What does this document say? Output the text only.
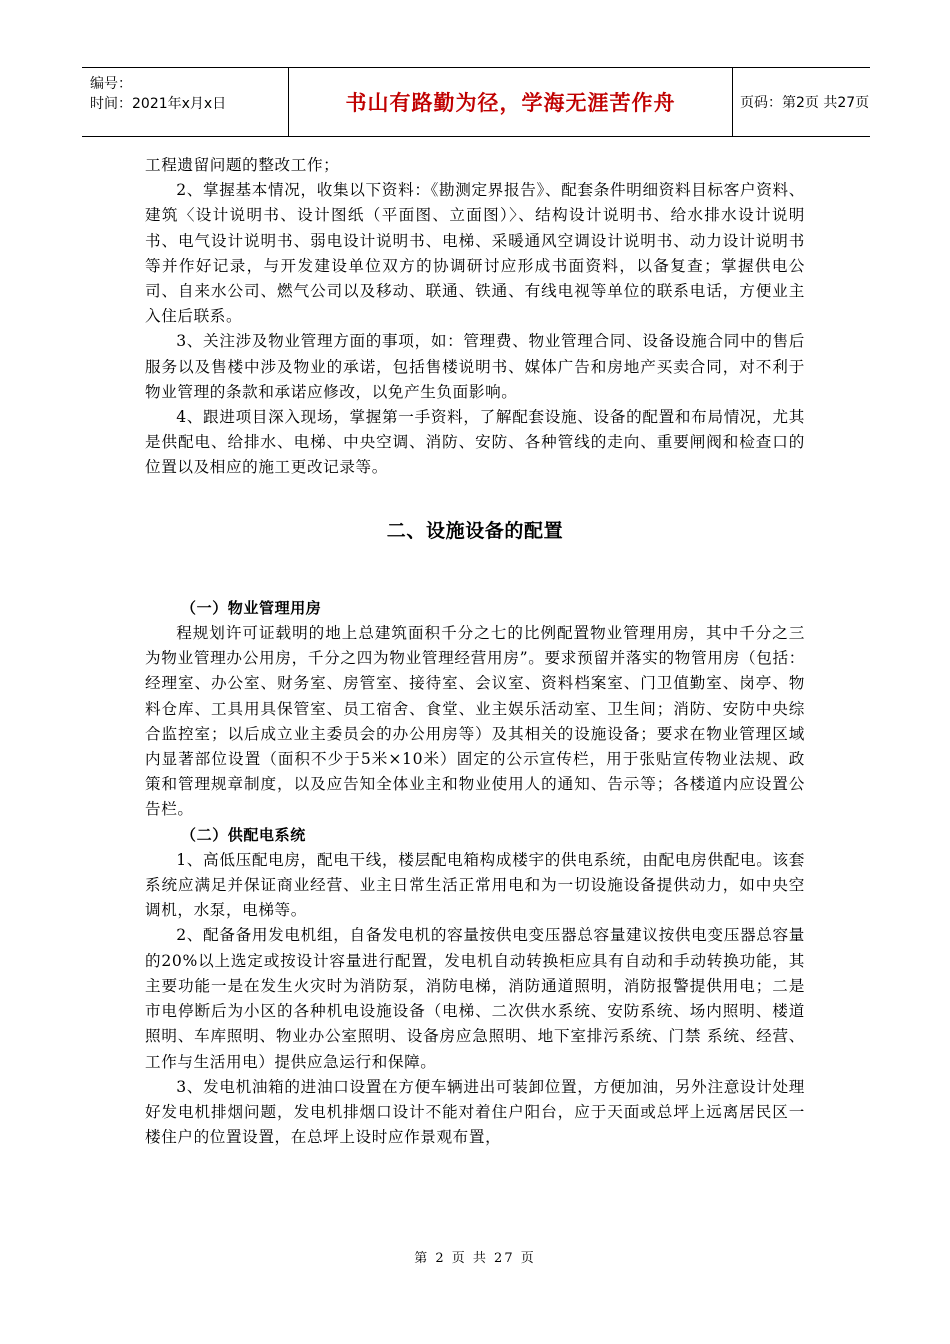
编号：
时间：2021年x月x日	书山有路勤为径，学海无涯苦作舟	页码：第2页 共27页

工程遗留问题的整改工作；

2、掌握基本情况，收集以下资料：《勘测定界报告》、配套条件明细资料目标客户资料、建筑〈设计说明书、设计图纸（平面图、立面图）〉、结构设计说明书、给水排水设计说明书、电气设计说明书、弱电设计说明书、电梯、采暖通风空调设计说明书、动力设计说明书等并作好记录，与开发建设单位双方的协调研讨应形成书面资料，以备复查；掌握供电公司、自来水公司、燃气公司以及移动、联通、铁通、有线电视等单位的联系电话，方便业主入住后联系。

3、关注涉及物业管理方面的事项，如：管理费、物业管理合同、设备设施合同中的售后服务以及售楼中涉及物业的承诺，包括售楼说明书、媒体广告和房地产买卖合同，对不利于物业管理的条款和承诺应修改，以免产生负面影响。

4、跟进项目深入现场，掌握第一手资料，了解配套设施、设备的配置和布局情况，尤其是供配电、给排水、电梯、中央空调、消防、安防、各种管线的走向、重要闸阀和检查口的位置以及相应的施工更改记录等。

二、设施设备的配置

（一）物业管理用房

程规划许可证载明的地上总建筑面积千分之七的比例配置物业管理用房，其中千分之三为物业管理办公用房，千分之四为物业管理经营用房”。要求预留并落实的物管用房（包括：经理室、办公室、财务室、房管室、接待室、会议室、资料档案室、门卫值勤室、岗亭、物料仓库、工具用具保管室、员工宿舍、食堂、业主娱乐活动室、卫生间；消防、安防中央综合监控室；以后成立业主委员会的办公用房等）及其相关的设施设备；要求在物业管理区域内显著部位设置（面积不少于5米×10米）固定的公示宣传栏，用于张贴宣传物业法规、政策和管理规章制度，以及应告知全体业主和物业使用人的通知、告示等；各楼道内应设置公告栏。

（二）供配电系统

1、高低压配电房，配电干线，楼层配电箱构成楼宇的供电系统，由配电房供配电。该套系统应满足并保证商业经营、业主日常生活正常用电和为一切设施设备提供动力，如中央空调机，水泵，电梯等。

2、配备备用发电机组，自备发电机的容量按供电变压器总容量建议按供电变压器总容量的20%以上选定或按设计容量进行配置，发电机自动转换柜应具有自动和手动转换功能，其主要功能一是在发生火灾时为消防泵，消防电梯，消防通道照明，消防报警提供用电；二是市电停断后为小区的各种机电设施设备（电梯、二次供水系统、安防系统、场内照明、楼道照明、车库照明、物业办公室照明、设备房应急照明、地下室排污系统、门禁 系统、经营、工作与生活用电）提供应急运行和保障。

3、发电机油箱的进油口设置在方便车辆进出可装卸位置，方便加油，另外注意设计处理好发电机排烟问题，发电机排烟口设计不能对着住户阳台，应于天面或总坪上远离居民区一楼住户的位置设置，在总坪上设时应作景观布置，

第 2 页 共 27 页
